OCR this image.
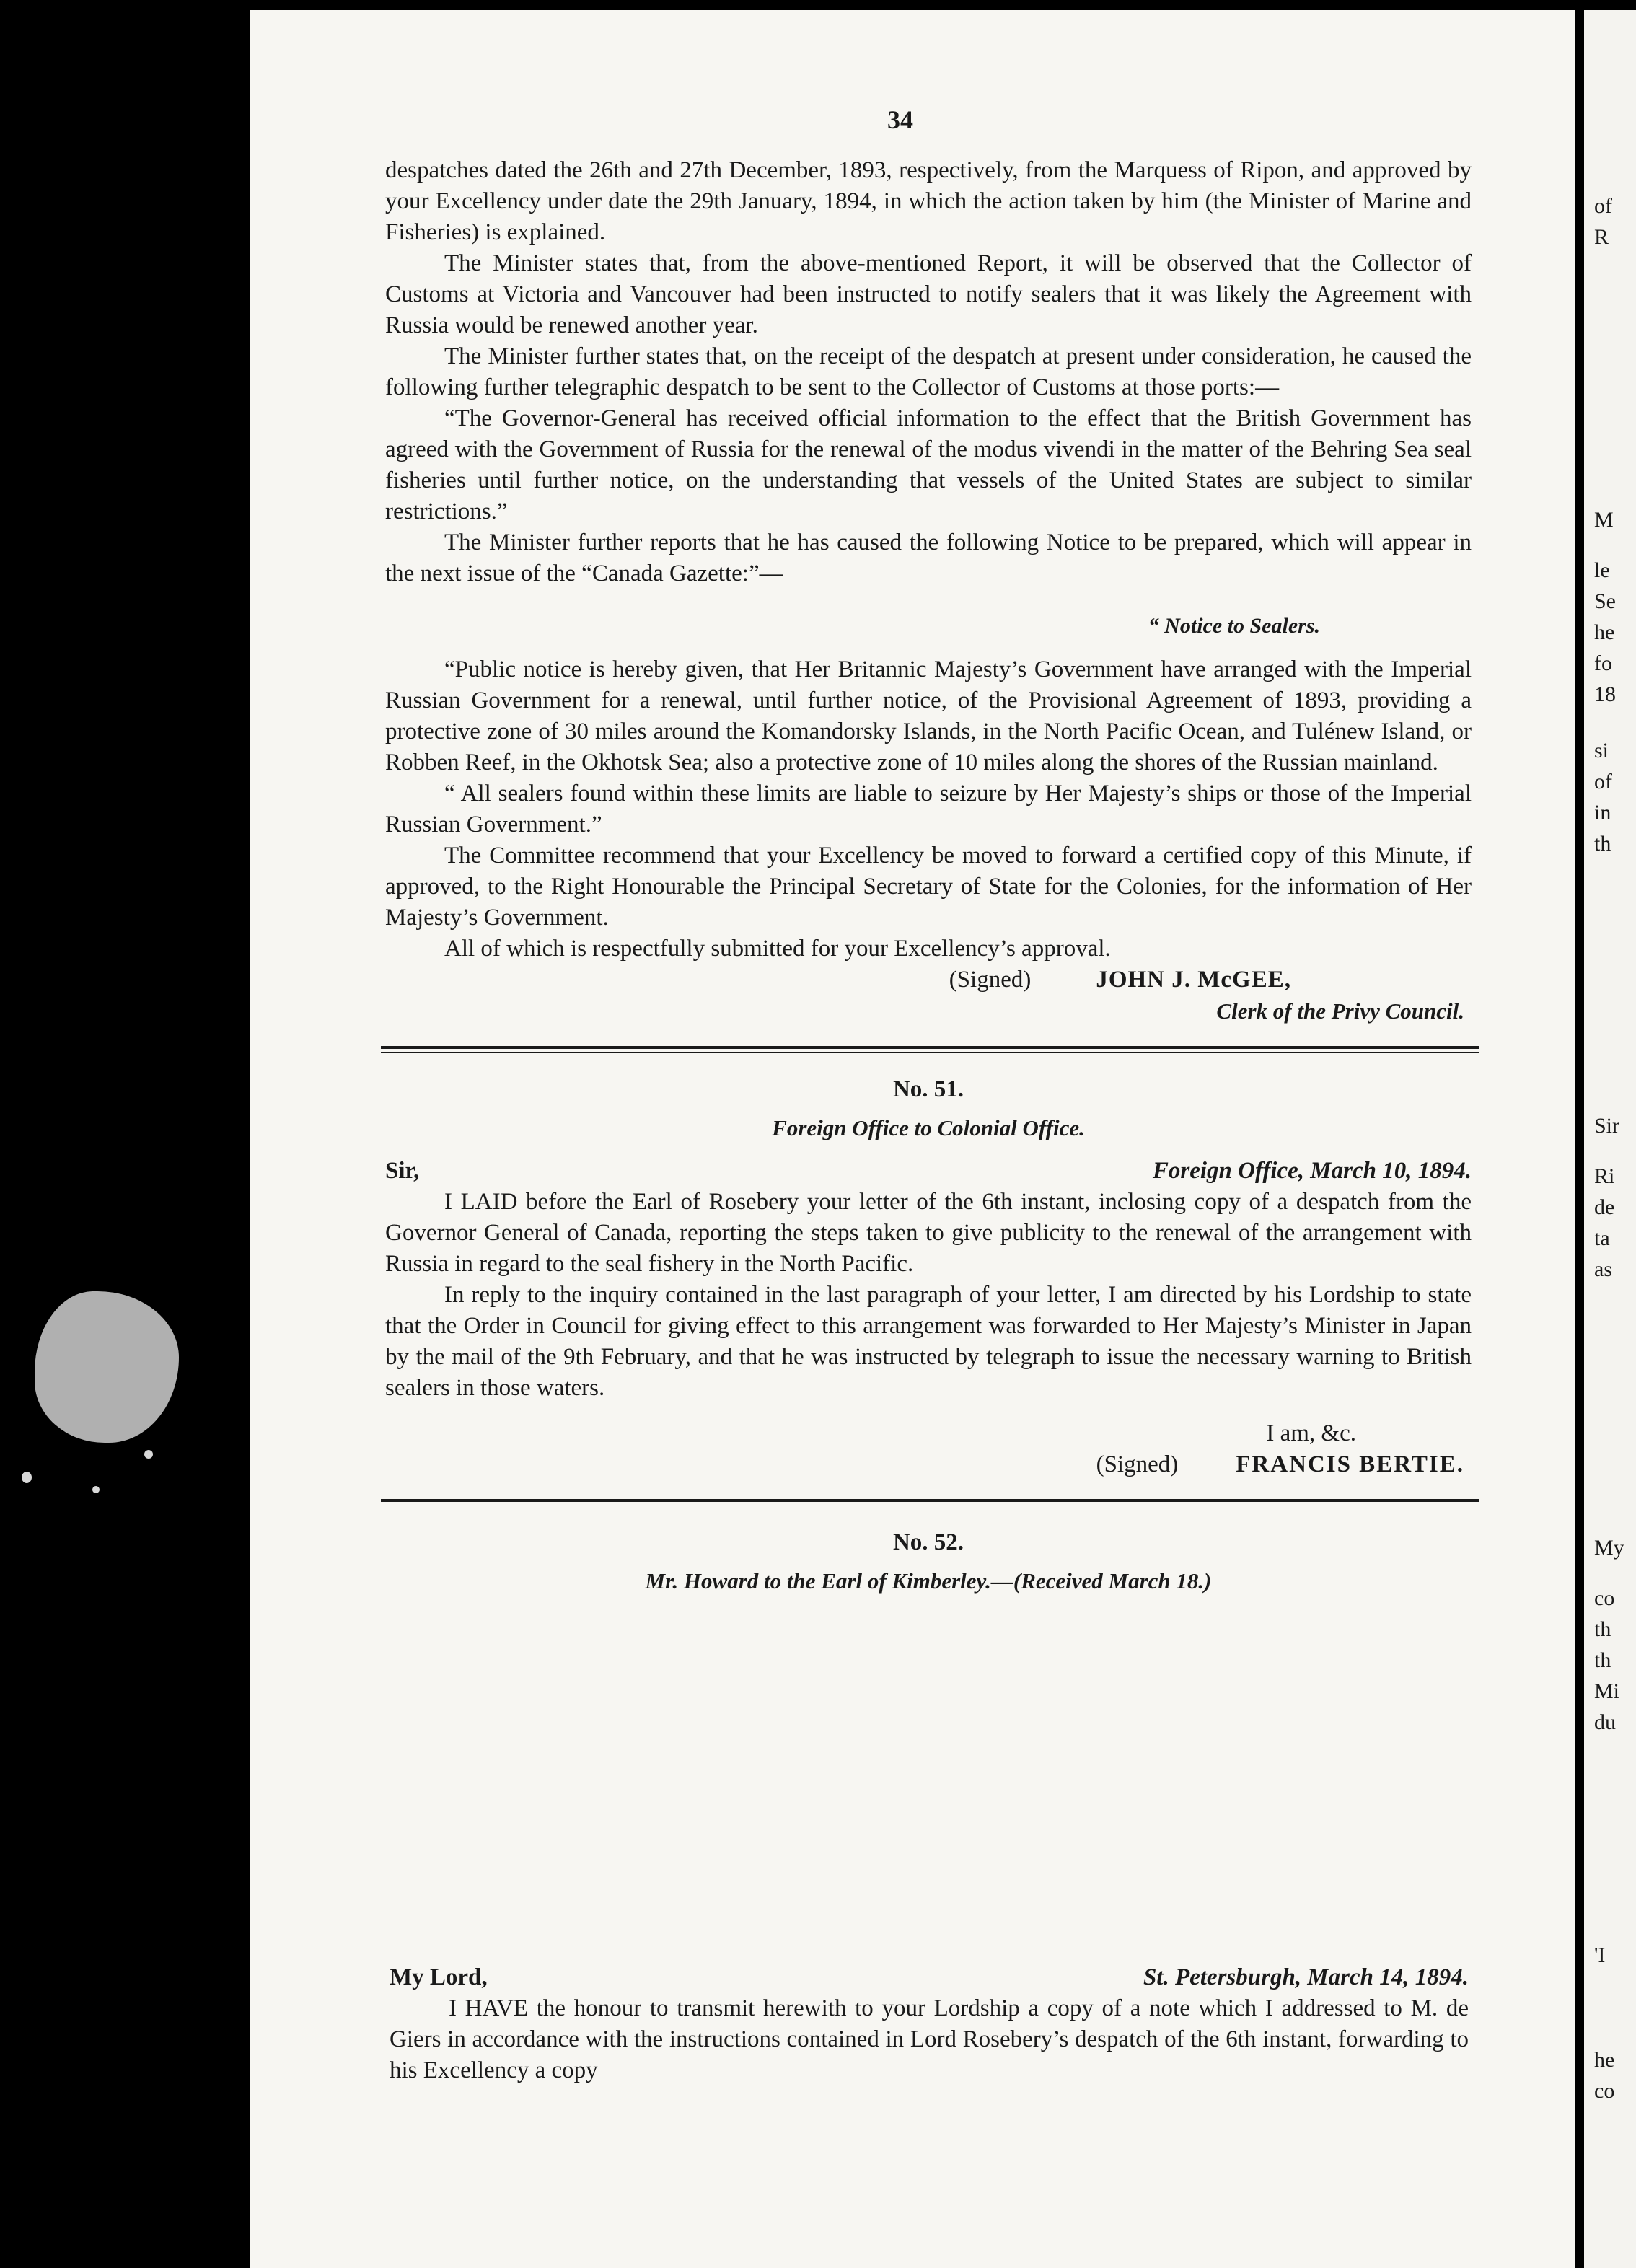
of
R
M
le
Se
he
fo
18
si
of
in
th
Sir
Ri
de
ta
as
My
co
th
th
Mi
du
'I
he
co
34

despatches dated the 26th and 27th December, 1893, respectively, from the Marquess of Ripon, and approved by your Excellency under date the 29th January, 1894, in which the action taken by him (the Minister of Marine and Fisheries) is explained.

The Minister states that, from the above-mentioned Report, it will be observed that the Collector of Customs at Victoria and Vancouver had been instructed to notify sealers that it was likely the Agreement with Russia would be renewed another year.

The Minister further states that, on the receipt of the despatch at present under consideration, he caused the following further telegraphic despatch to be sent to the Collector of Customs at those ports:—

“The Governor-General has received official information to the effect that the British Government has agreed with the Government of Russia for the renewal of the modus vivendi in the matter of the Behring Sea seal fisheries until further notice, on the understanding that vessels of the United States are subject to similar restrictions.”

The Minister further reports that he has caused the following Notice to be prepared, which will appear in the next issue of the “Canada Gazette:”—

“ Notice to Sealers.

“Public notice is hereby given, that Her Britannic Majesty’s Government have arranged with the Imperial Russian Government for a renewal, until further notice, of the Provisional Agreement of 1893, providing a protective zone of 30 miles around the Komandorsky Islands, in the North Pacific Ocean, and Tulénew Island, or Robben Reef, in the Okhotsk Sea; also a protective zone of 10 miles along the shores of the Russian mainland.

“ All sealers found within these limits are liable to seizure by Her Majesty’s ships or those of the Imperial Russian Government.”

The Committee recommend that your Excellency be moved to forward a certified copy of this Minute, if approved, to the Right Honourable the Principal Secretary of State for the Colonies, for the information of Her Majesty’s Government.

All of which is respectfully submitted for your Excellency’s approval.

(Signed)	JOHN J. McGEE,
Clerk of the Privy Council.
No. 51.
Foreign Office to Colonial Office.
Sir,	Foreign Office, March 10, 1894.

I LAID before the Earl of Rosebery your letter of the 6th instant, inclosing copy of a despatch from the Governor General of Canada, reporting the steps taken to give publicity to the renewal of the arrangement with Russia in regard to the seal fishery in the North Pacific.

In reply to the inquiry contained in the last paragraph of your letter, I am directed by his Lordship to state that the Order in Council for giving effect to this arrangement was forwarded to Her Majesty’s Minister in Japan by the mail of the 9th February, and that he was instructed by telegraph to issue the necessary warning to British sealers in those waters.

I am, &c.
(Signed) FRANCIS BERTIE.
No. 52.
Mr. Howard to the Earl of Kimberley.—(Received March 18.)
My Lord,	St. Petersburgh, March 14, 1894.

I HAVE the honour to transmit herewith to your Lordship a copy of a note which I addressed to M. de Giers in accordance with the instructions contained in Lord Rosebery’s despatch of the 6th instant, forwarding to his Excellency a copy
